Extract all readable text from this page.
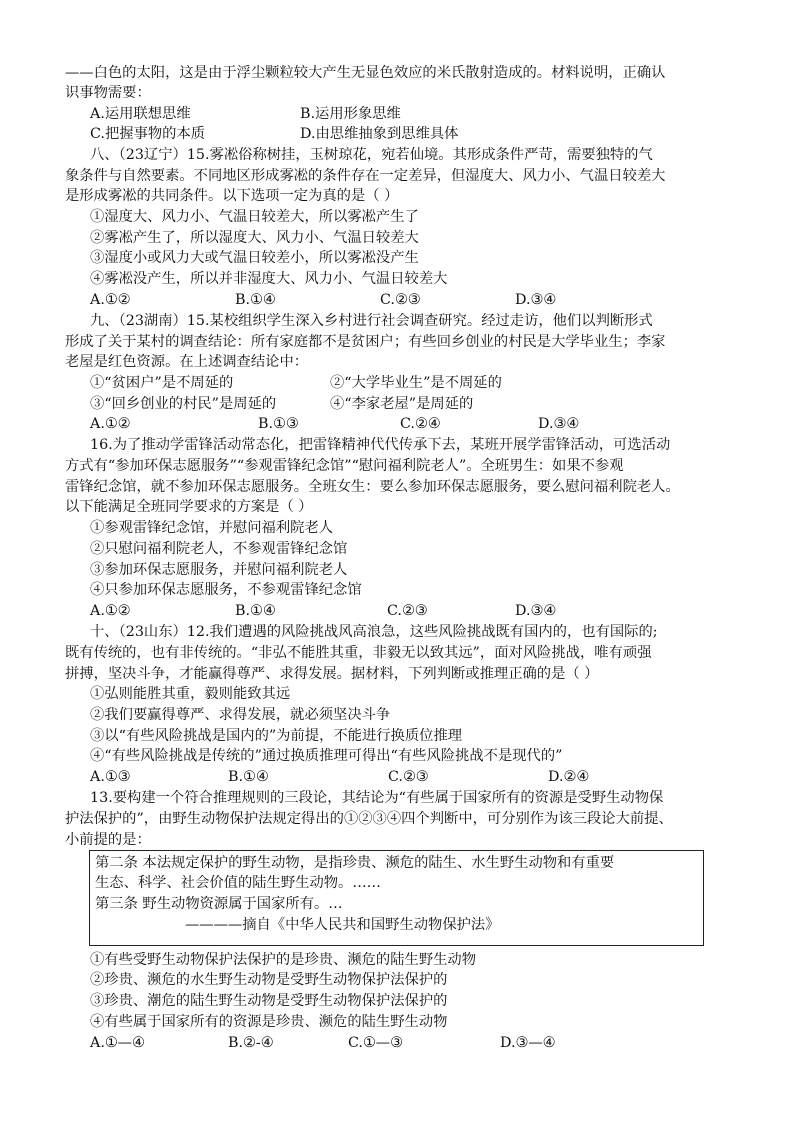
——白色的太阳，这是由于浮尘颗粒较大产生无显色效应的米氏散射造成的。材料说明，正确认
识事物需要：
A.运用联想思维	B.运用形象思维
C.把握事物的本质	D.由思维抽象到思维具体
八、（23辽宁）15.雾凇俗称树挂，玉树琼花，宛若仙境。其形成条件严苛，需要独特的气
象条件与自然要素。不同地区形成雾凇的条件存在一定差异，但湿度大、风力小、气温日较差大
是形成雾凇的共同条件。以下选项一定为真的是（ ）
①湿度大、风力小、气温日较差大，所以雾凇产生了
②雾凇产生了，所以湿度大、风力小、气温日较差大
③湿度小或风力大或气温日较差小，所以雾凇没产生
④雾凇没产生，所以并非湿度大、风力小、气温日较差大
A.①②	B.①④	C.②③	D.③④
九、（23湖南）15.某校组织学生深入乡村进行社会调查研究。经过走访，他们以判断形式
形成了关于某村的调查结论：所有家庭都不是贫困户；有些回乡创业的村民是大学毕业生；李家
老屋是红色资源。在上述调查结论中：
①“贫困户”是不周延的	②“大学毕业生”是不周延的
③“回乡创业的村民”是周延的	④“李家老屋”是周延的
A.①②	B.①③	C.②④	D.③④
16.为了推动学雷锋活动常态化，把雷锋精神代代传承下去，某班开展学雷锋活动，可选活动
方式有“参加环保志愿服务”“参观雷锋纪念馆”“慰问福利院老人”。全班男生：如果不参观
雷锋纪念馆，就不参加环保志愿服务。全班女生：要么参加环保志愿服务，要么慰问福利院老人。
以下能满足全班同学要求的方案是（ ）
①参观雷锋纪念馆，并慰问福利院老人
②只慰问福利院老人，不参观雷锋纪念馆
③参加环保志愿服务，并慰问福利院老人
④只参加环保志愿服务，不参观雷锋纪念馆
A.①②	B.①④	C.②③	D.③④
十、（23山东）12.我们遭遇的风险挑战风高浪急，这些风险挑战既有国内的，也有国际的;
既有传统的，也有非传统的。“非弘不能胜其重，非毅无以致其远”，面对风险挑战，唯有顽强
拼搏，坚决斗争，才能赢得尊严、求得发展。据材料，下列判断或推理正确的是（ ）
①弘则能胜其重，毅则能致其远
②我们要赢得尊严、求得发展，就必须坚决斗争
③以“有些风险挑战是国内的”为前提，不能进行换质位推理
④“有些风险挑战是传统的”通过换质推理可得出“有些风险挑战不是现代的”
A.①③	B.①④	C.②③	D.②④
13.要构建一个符合推理规则的三段论，其结论为“有些属于国家所有的资源是受野生动物保
护法保护的”，由野生动物保护法规定得出的①②③④四个判断中，可分别作为该三段论大前提、
小前提的是：
①有些受野生动物保护法保护的是珍贵、濒危的陆生野生动物
②珍贵、濒危的水生野生动物是受野生动物保护法保护的
③珍贵、潮危的陆生野生动物是受野生动物保护法保护的
④有些属于国家所有的资源是珍贵、濒危的陆生野生动物
A.①—④	B.②-④	C.①—③	D.③—④
第二条 本法规定保护的野生动物，是指珍贵、濒危的陆生、水生野生动物和有重要
生态、科学、社会价值的陆生野生动物。……
第三条 野生动物资源属于国家所有。…
————摘自《中华人民共和国野生动物保护法》
